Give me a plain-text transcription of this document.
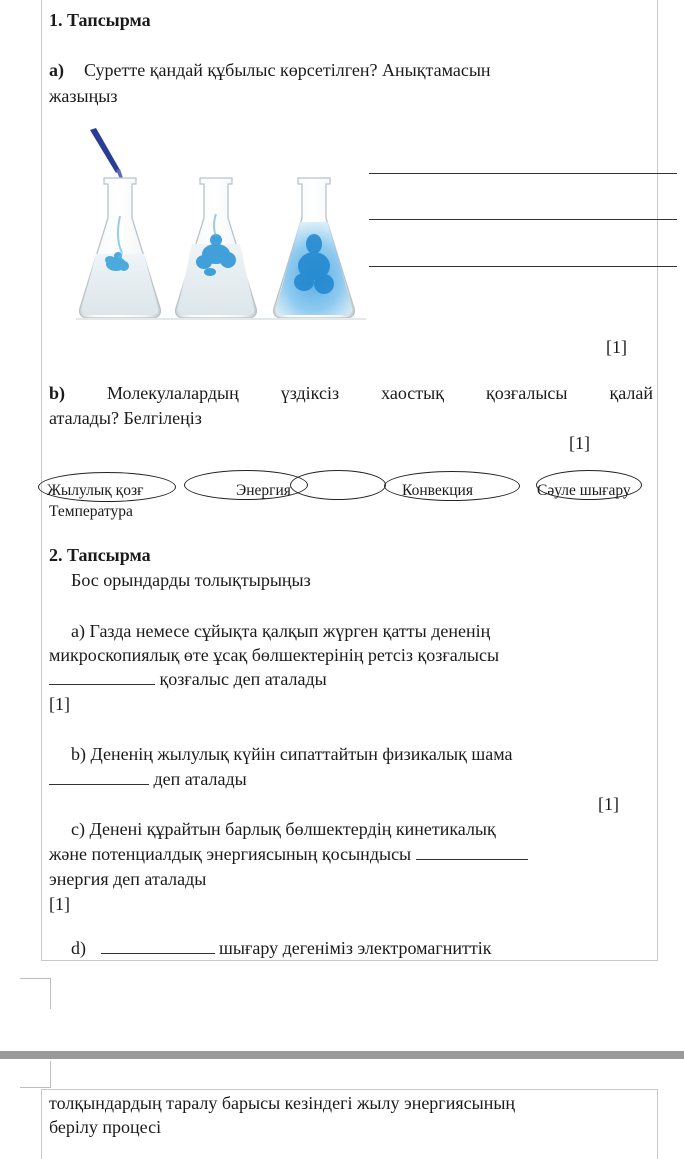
1. Тапсырма
a) Суретте қандай құбылыс көрсетілген? Анықтамасын
жазыңыз
[1]
b) Молекулалардың үздіксіз хаостық қозғалысы қалай
аталады? Белгілеңіз
[1]
Жылулық қозғ	Энергия	Конвекция	Сәуле шығару
Температура
2. Тапсырма
Бос орындарды толықтырыңыз
a) Газда немесе сұйықта қалқып жүрген қатты дененің
микроскопиялық өте ұсақ бөлшектерінің ретсіз қозғалысы
қозғалыс деп аталады
[1]
b) Дененің жылулық күйін сипаттайтын физикалық шама
деп аталады
[1]
c) Денені құрайтын барлық бөлшектердің кинетикалық
және потенциалдық энергиясының қосындысы
энергия деп аталады
[1]
d)	шығару дегеніміз электромагниттік
толқындардың таралу барысы кезіндегі жылу энергиясының
берілу процесі
